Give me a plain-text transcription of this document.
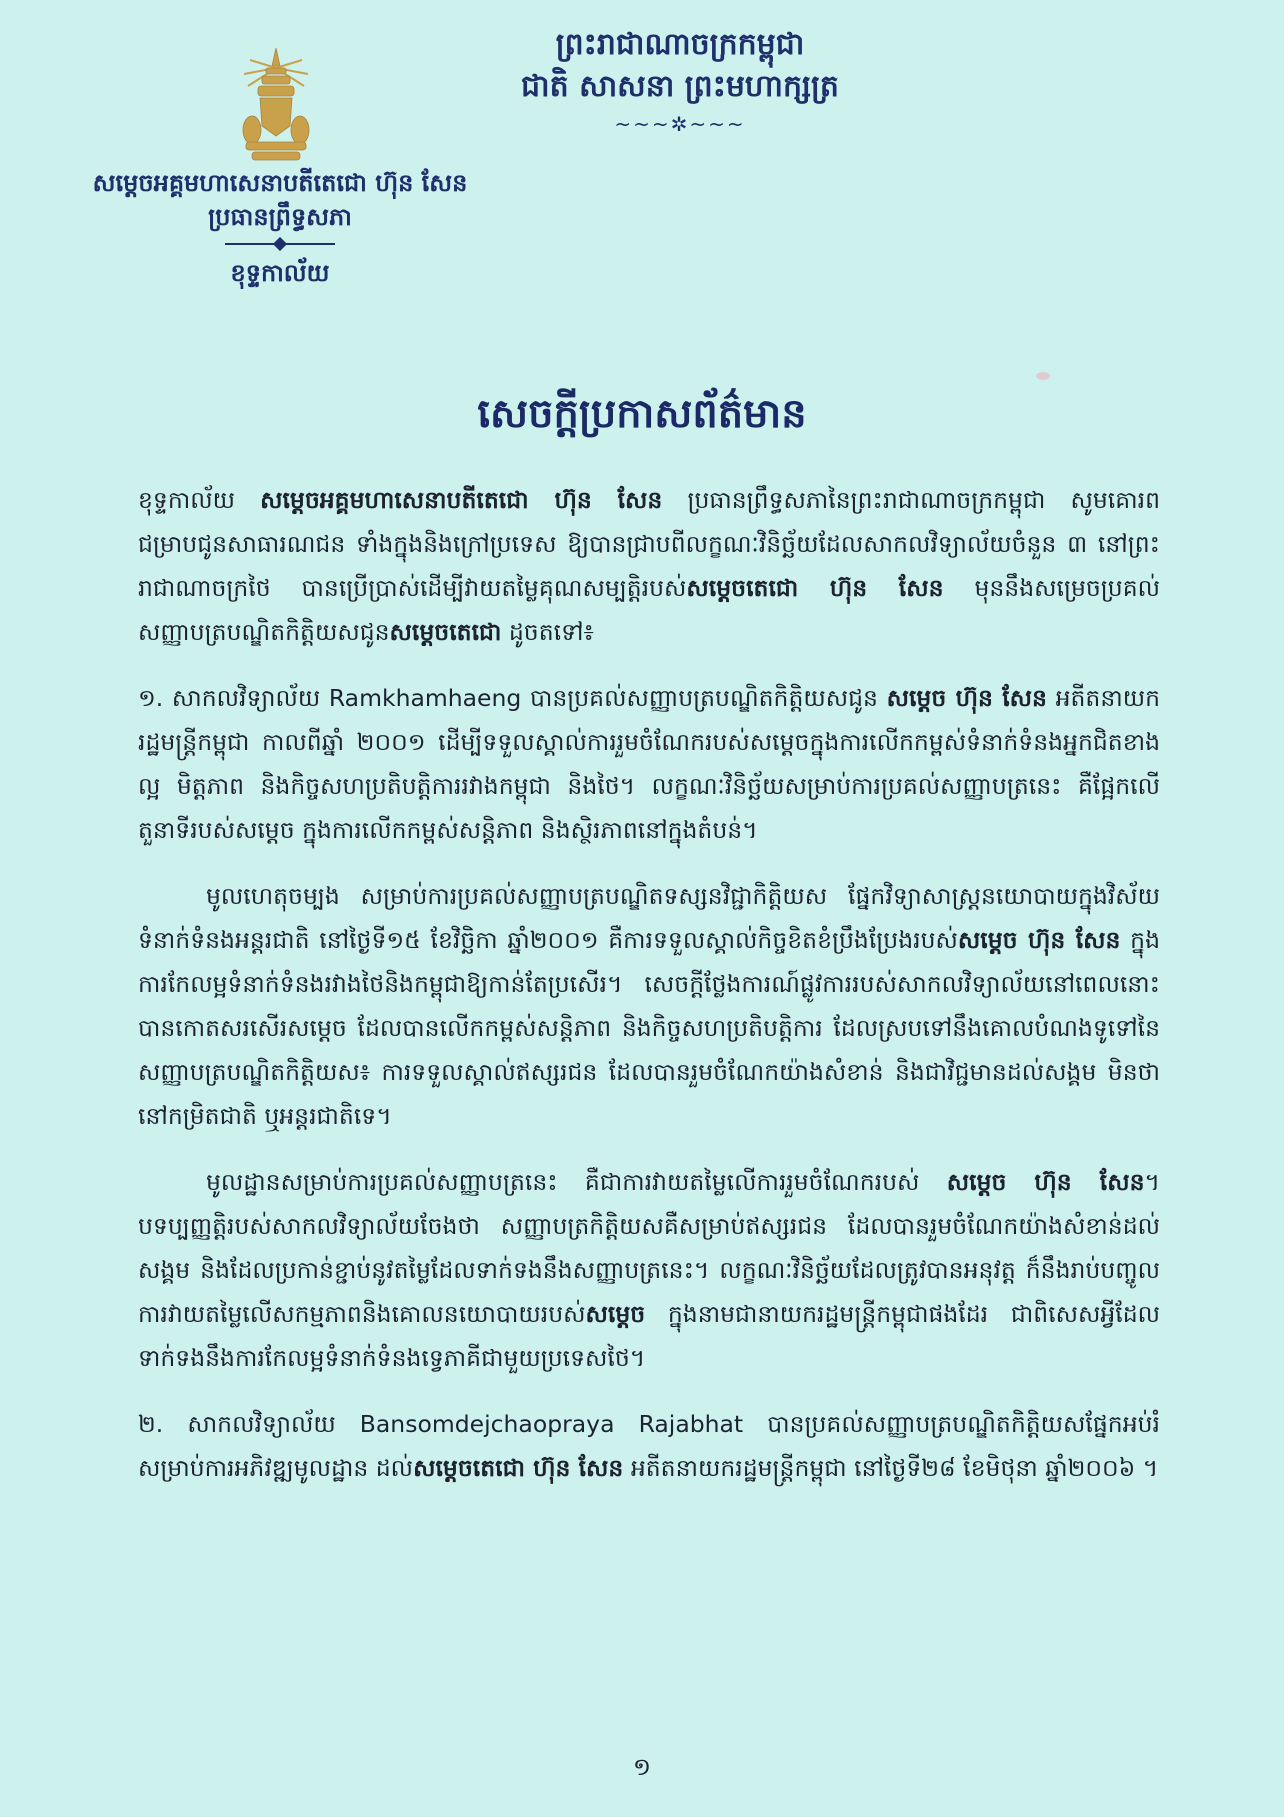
ព្រះរាជាណាចក្រកម្ពុជា
ជាតិ សាសនា ព្រះមហាក្សត្រ
~~~✲~~~
សម្តេចអគ្គមហាសេនាបតីតេជោ ហ៊ុន សែន
ប្រធានព្រឹទ្ធសភា
ខុទ្ទកាល័យ
សេចក្តីប្រកាសព័ត៌មាន

ខុទ្ទកាល័យ សម្តេចអគ្គមហាសេនាបតីតេជោ ហ៊ុន សែន ប្រធានព្រឹទ្ធសភានៃព្រះរាជាណាចក្រកម្ពុជា សូមគោរពជម្រាបជូនសាធារណជន ទាំងក្នុងនិងក្រៅប្រទេស ឱ្យបានជ្រាបពីលក្ខណៈវិនិច្ឆ័យដែលសាកលវិទ្យាល័យចំនួន ៣ នៅព្រះរាជាណាចក្រថៃ បានប្រើប្រាស់ដើម្បីវាយតម្លៃគុណសម្បត្តិរបស់សម្តេចតេជោ ហ៊ុន សែន មុននឹងសម្រេចប្រគល់សញ្ញាបត្របណ្ឌិតកិត្តិយសជូនសម្តេចតេជោ ដូចតទៅ៖

១. សាកលវិទ្យាល័យ Ramkhamhaeng បានប្រគល់សញ្ញាបត្របណ្ឌិតកិត្តិយសជូន សម្តេច ហ៊ុន សែន អតីតនាយករដ្ឋមន្ត្រីកម្ពុជា កាលពីឆ្នាំ ២០០១ ដើម្បីទទួលស្គាល់ការរួមចំណែករបស់សម្តេចក្នុងការលើកកម្ពស់ទំនាក់ទំនងអ្នកជិតខាងល្អ មិត្តភាព និងកិច្ចសហប្រតិបត្តិការរវាងកម្ពុជា និងថៃ។ លក្ខណៈវិនិច្ឆ័យសម្រាប់ការប្រគល់សញ្ញាបត្រនេះ គឺផ្អែកលើតួនាទីរបស់សម្តេច ក្នុងការលើកកម្ពស់សន្តិភាព និងស្ថិរភាពនៅក្នុងតំបន់។

មូលហេតុចម្បង សម្រាប់ការប្រគល់សញ្ញាបត្របណ្ឌិតទស្សនវិជ្ជាកិត្តិយស ផ្នែកវិទ្យាសាស្ត្រនយោបាយក្នុងវិស័យទំនាក់ទំនងអន្តរជាតិ នៅថ្ងៃទី១៥ ខែវិច្ឆិកា ឆ្នាំ២០០១ គឺការទទួលស្គាល់កិច្ចខិតខំប្រឹងប្រែងរបស់សម្តេច ហ៊ុន សែន ក្នុងការកែលម្អទំនាក់ទំនងរវាងថៃនិងកម្ពុជាឱ្យកាន់តែប្រសើរ។ សេចក្តីថ្លែងការណ៍ផ្លូវការរបស់សាកលវិទ្យាល័យនៅពេលនោះ បានកោតសរសើរសម្តេច ដែលបានលើកកម្ពស់សន្តិភាព និងកិច្ចសហប្រតិបត្តិការ ដែលស្របទៅនឹងគោលបំណងទូទៅនៃសញ្ញាបត្របណ្ឌិតកិត្តិយស៖ ការទទួលស្គាល់ឥស្សរជន ដែលបានរួមចំណែកយ៉ាងសំខាន់ និងជាវិជ្ជមានដល់សង្គម មិនថានៅកម្រិតជាតិ ឬអន្តរជាតិទេ។

មូលដ្ឋានសម្រាប់ការប្រគល់សញ្ញាបត្រនេះ គឺជាការវាយតម្លៃលើការរួមចំណែករបស់ សម្តេច ហ៊ុន សែន។ បទប្បញ្ញត្តិរបស់សាកលវិទ្យាល័យចែងថា សញ្ញាបត្រកិត្តិយសគឺសម្រាប់ឥស្សរជន ដែលបានរួមចំណែកយ៉ាងសំខាន់ដល់សង្គម និងដែលប្រកាន់ខ្ជាប់នូវតម្លៃដែលទាក់ទងនឹងសញ្ញាបត្រនេះ។ លក្ខណៈវិនិច្ឆ័យដែលត្រូវបានអនុវត្ត ក៏នឹងរាប់បញ្ចូលការវាយតម្លៃលើសកម្មភាពនិងគោលនយោបាយរបស់សម្តេច ក្នុងនាមជានាយករដ្ឋមន្ត្រីកម្ពុជាផងដែរ ជាពិសេសអ្វីដែលទាក់ទងនឹងការកែលម្អទំនាក់ទំនងទ្វេភាគីជាមួយប្រទេសថៃ។

២. សាកលវិទ្យាល័យ Bansomdejchaopraya Rajabhat បានប្រគល់សញ្ញាបត្របណ្ឌិតកិត្តិយសផ្នែកអប់រំសម្រាប់ការអភិវឌ្ឍមូលដ្ឋាន ដល់សម្តេចតេជោ ហ៊ុន សែន អតីតនាយករដ្ឋមន្ត្រីកម្ពុជា នៅថ្ងៃទី២៨ ខែមិថុនា ឆ្នាំ២០០៦ ។

១
